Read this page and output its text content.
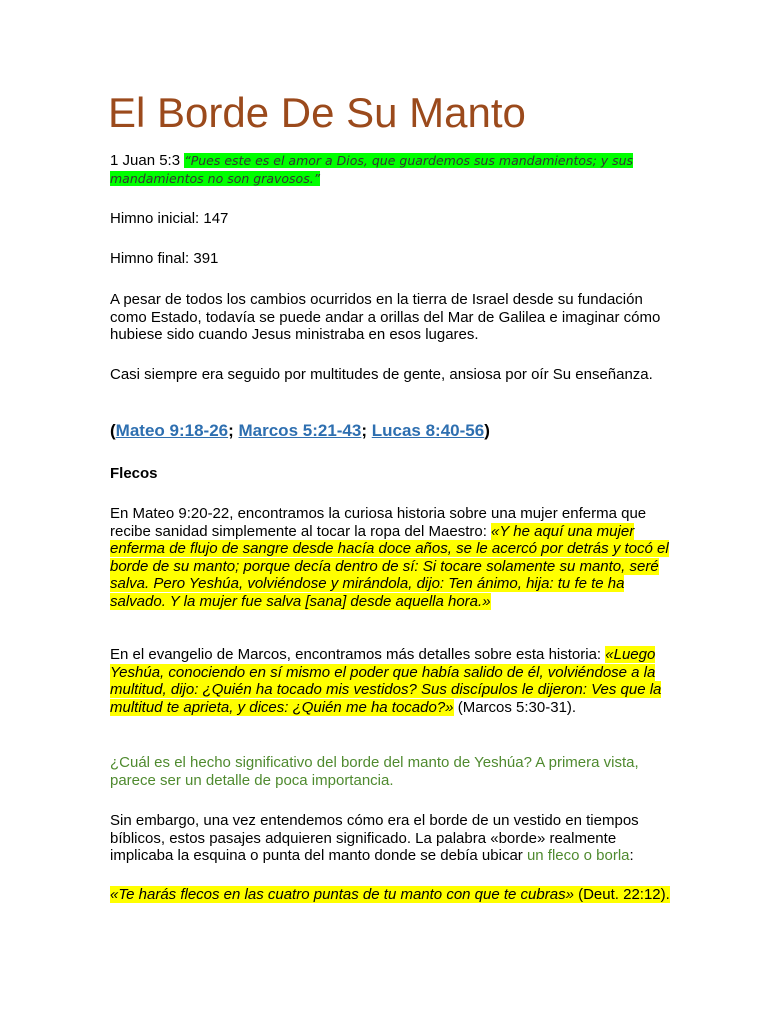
El Borde De Su Manto
1 Juan 5:3 “Pues este es el amor a Dios, que guardemos sus mandamientos; y sus mandamientos no son gravosos.”
Himno inicial: 147
Himno final: 391
A pesar de todos los cambios ocurridos en la tierra de Israel desde su fundación como Estado, todavía se puede andar a orillas del Mar de Galilea e imaginar cómo hubiese sido cuando Jesus ministraba en esos lugares.
Casi siempre era seguido por multitudes de gente, ansiosa por oír Su enseñanza.
(Mateo 9:18-26; Marcos 5:21-43; Lucas 8:40-56)
Flecos
En Mateo 9:20-22, encontramos la curiosa historia sobre una mujer enferma que recibe sanidad simplemente al tocar la ropa del Maestro: «Y he aquí una mujer enferma de flujo de sangre desde hacía doce años, se le acercó por detrás y tocó el borde de su manto; porque decía dentro de sí: Si tocare solamente su manto, seré salva. Pero Yeshúa, volviéndose y mirándola, dijo: Ten ánimo, hija: tu fe te ha salvado. Y la mujer fue salva [sana] desde aquella hora.»
En el evangelio de Marcos, encontramos más detalles sobre esta historia: «Luego Yeshúa, conociendo en sí mismo el poder que había salido de él, volviéndose a la multitud, dijo: ¿Quién ha tocado mis vestidos? Sus discípulos le dijeron: Ves que la multitud te aprieta, y dices: ¿Quién me ha tocado?» (Marcos 5:30-31).
¿Cuál es el hecho significativo del borde del manto de Yeshúa? A primera vista, parece ser un detalle de poca importancia.
Sin embargo, una vez entendemos cómo era el borde de un vestido en tiempos bíblicos, estos pasajes adquieren significado. La palabra «borde» realmente implicaba la esquina o punta del manto donde se debía ubicar un fleco o borla:
«Te harás flecos en las cuatro puntas de tu manto con que te cubras» (Deut. 22:12).
